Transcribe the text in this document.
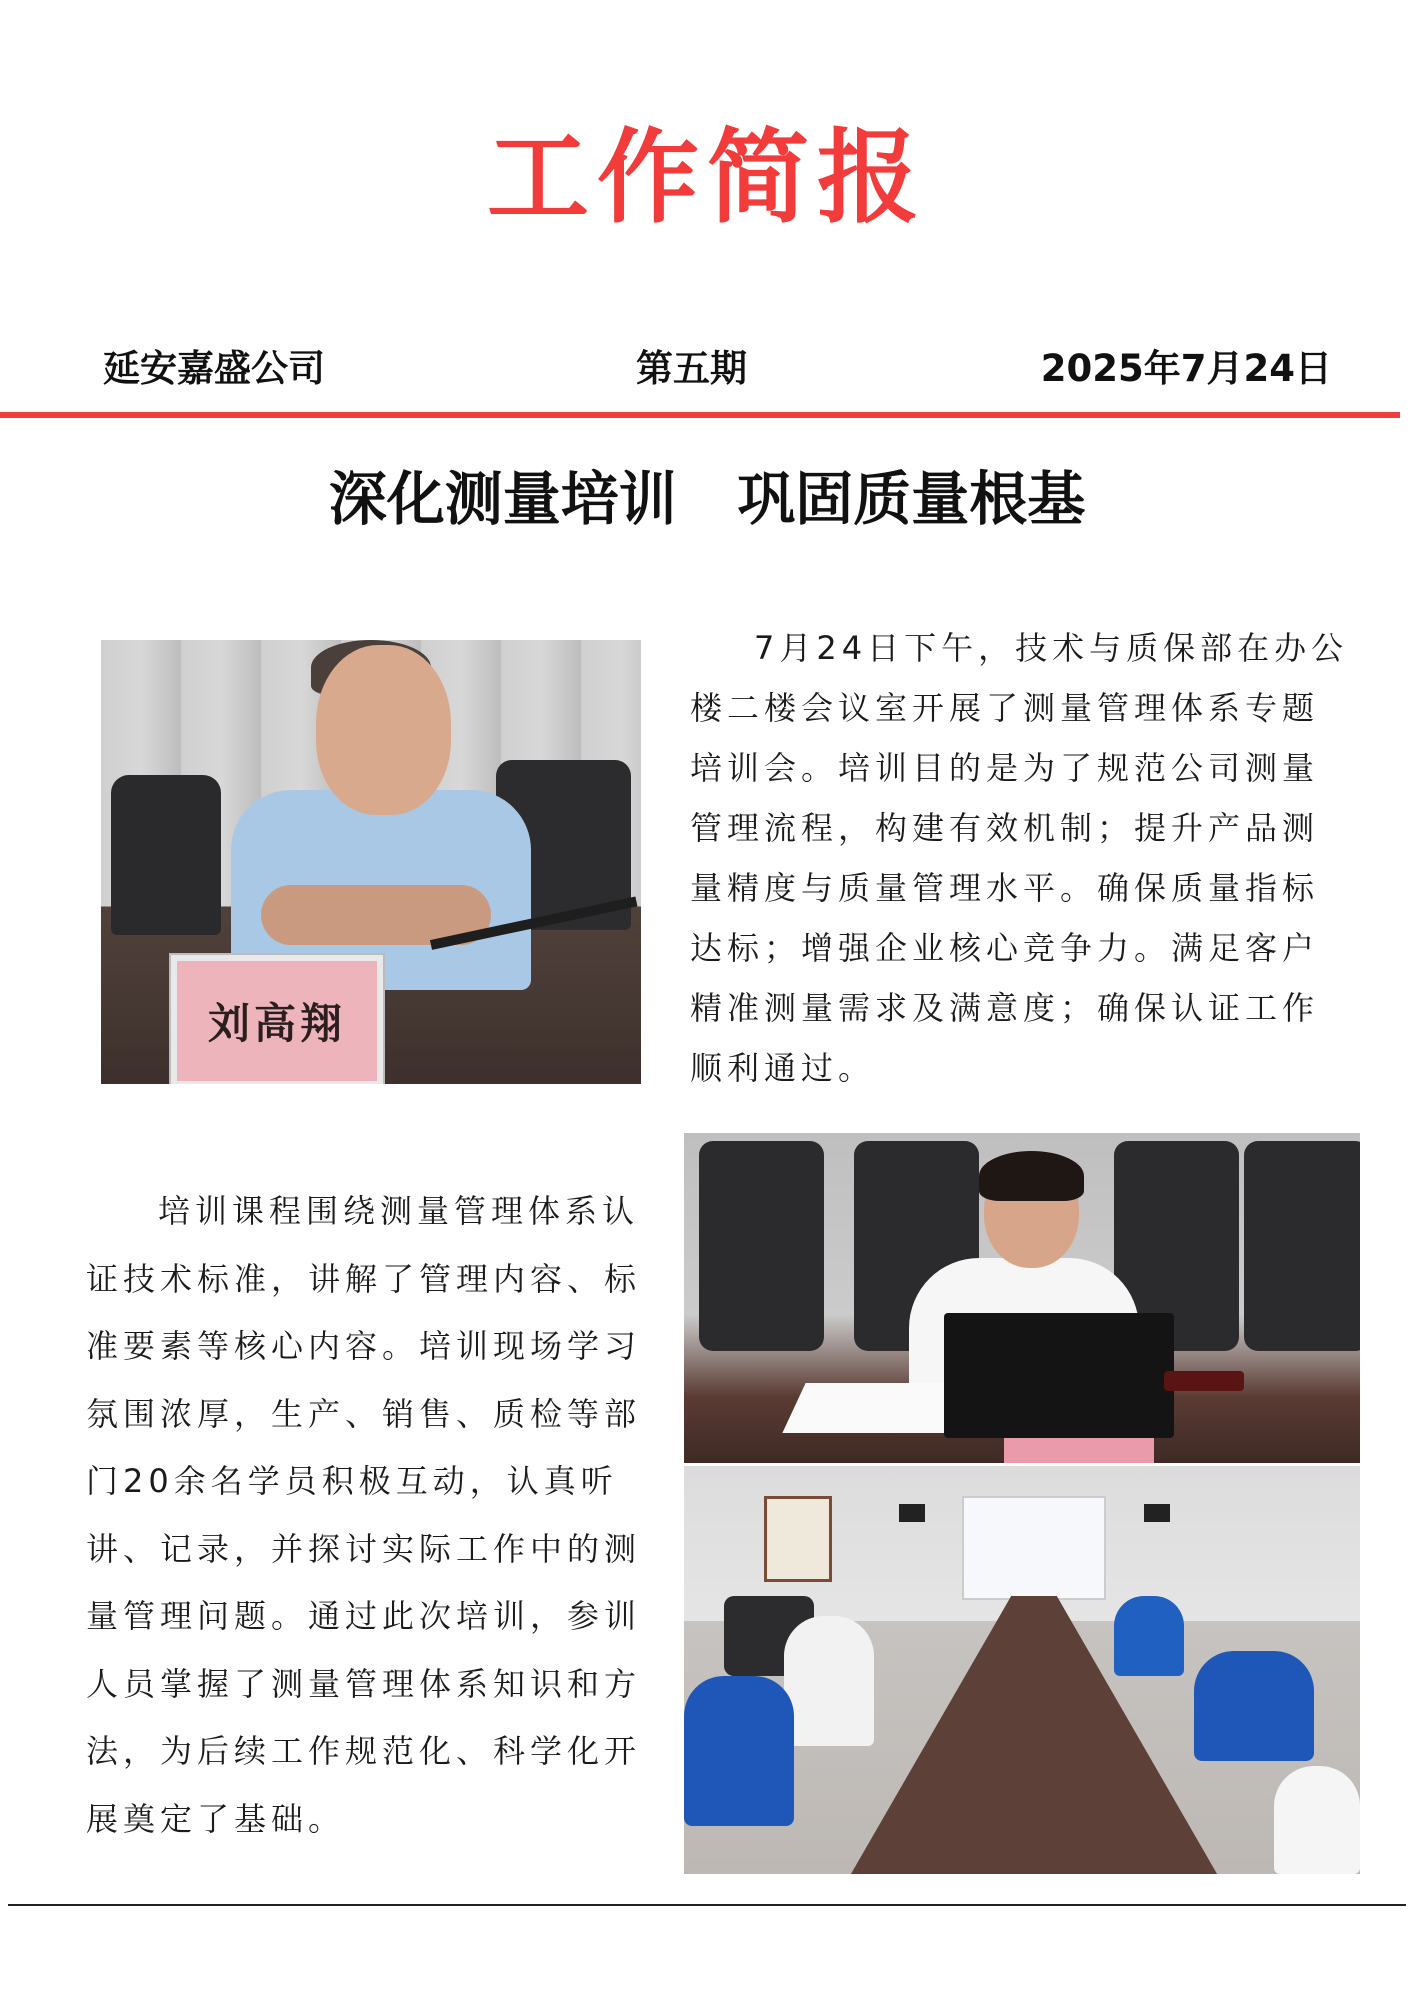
工作简报
延安嘉盛公司	第五期	2025年7月24日
深化测量培训   巩固质量根基
刘高翔

7月24日下午，技术与质保部在办公楼二楼会议室开展了测量管理体系专题培训会。培训目的是为了规范公司测量管理流程，构建有效机制；提升产品测量精度与质量管理水平。确保质量指标达标；增强企业核心竞争力。满足客户精准测量需求及满意度；确保认证工作顺利通过。

培训课程围绕测量管理体系认证技术标准，讲解了管理内容、标准要素等核心内容。培训现场学习氛围浓厚，生产、销售、质检等部门20余名学员积极互动，认真听讲、记录，并探讨实际工作中的测量管理问题。通过此次培训，参训人员掌握了测量管理体系知识和方法，为后续工作规范化、科学化开展奠定了基础。
